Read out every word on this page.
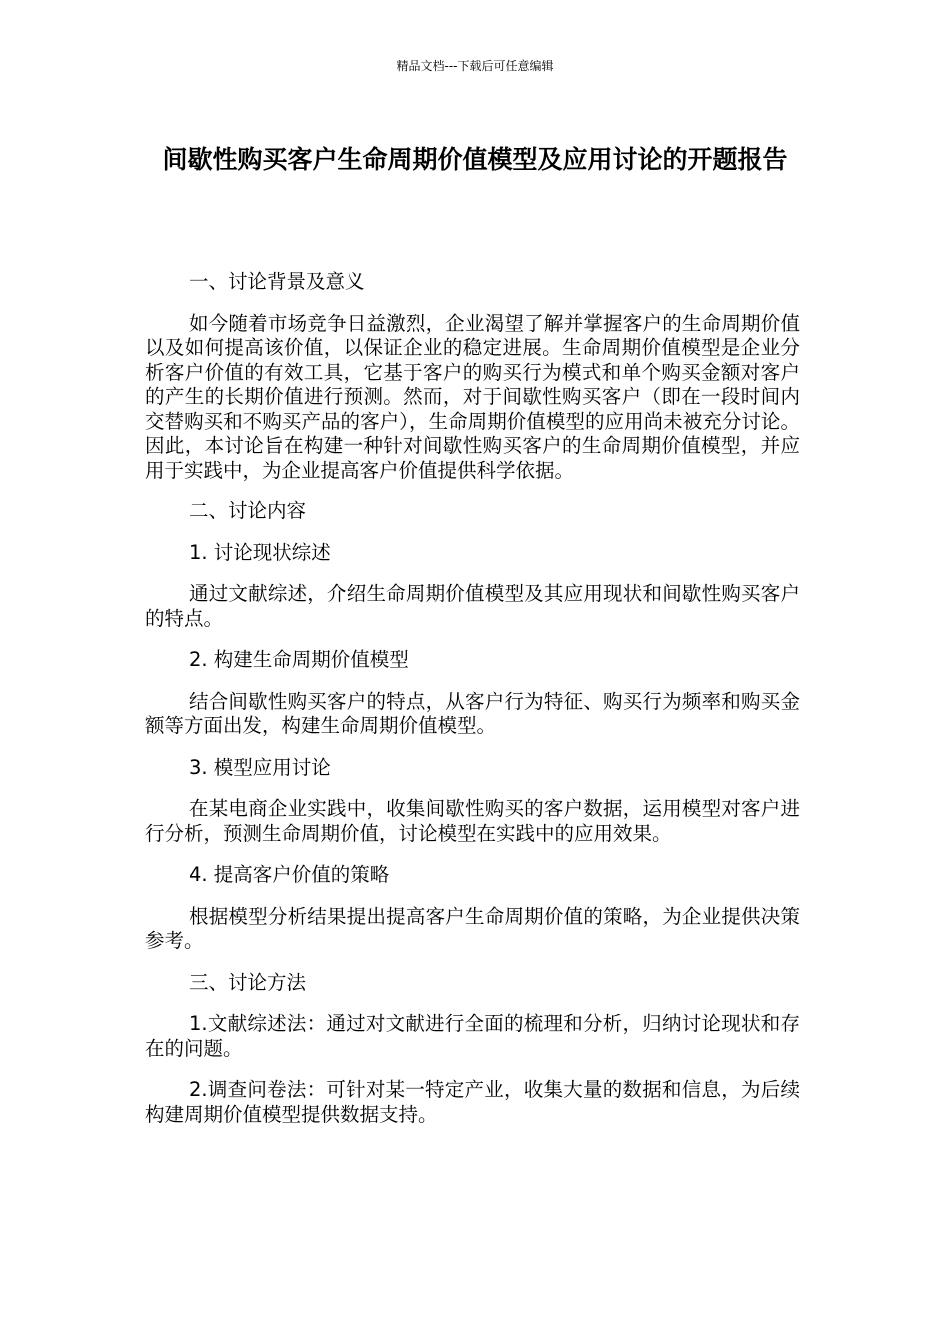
精品文档---下载后可任意编辑
间歇性购买客户生命周期价值模型及应用讨论的开题报告

一、讨论背景及意义

如今随着市场竞争日益激烈，企业渴望了解并掌握客户的生命周期价值以及如何提高该价值，以保证企业的稳定进展。生命周期价值模型是企业分析客户价值的有效工具，它基于客户的购买行为模式和单个购买金额对客户的产生的长期价值进行预测。然而，对于间歇性购买客户（即在一段时间内交替购买和不购买产品的客户），生命周期价值模型的应用尚未被充分讨论。因此，本讨论旨在构建一种针对间歇性购买客户的生命周期价值模型，并应用于实践中，为企业提高客户价值提供科学依据。

二、讨论内容

1. 讨论现状综述

通过文献综述，介绍生命周期价值模型及其应用现状和间歇性购买客户的特点。

2. 构建生命周期价值模型

结合间歇性购买客户的特点，从客户行为特征、购买行为频率和购买金额等方面出发，构建生命周期价值模型。

3. 模型应用讨论

在某电商企业实践中，收集间歇性购买的客户数据，运用模型对客户进行分析，预测生命周期价值，讨论模型在实践中的应用效果。

4. 提高客户价值的策略

根据模型分析结果提出提高客户生命周期价值的策略，为企业提供决策参考。

三、讨论方法

1.文献综述法：通过对文献进行全面的梳理和分析，归纳讨论现状和存在的问题。

2.调查问卷法：可针对某一特定产业，收集大量的数据和信息，为后续构建周期价值模型提供数据支持。
